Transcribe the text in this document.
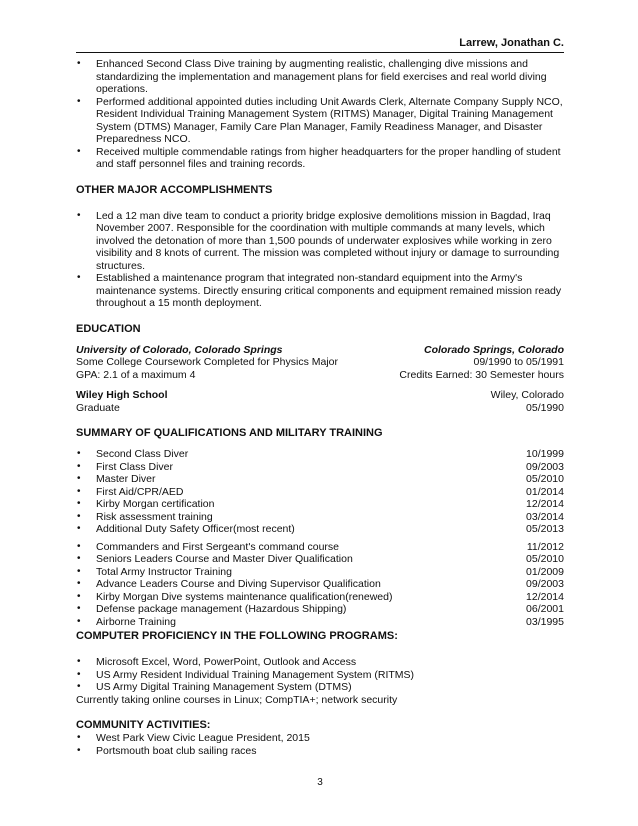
Larrew, Jonathan C.
• Enhanced Second Class Dive training by augmenting realistic, challenging dive missions and standardizing the implementation and management plans for field exercises and real world diving operations.
• Performed additional appointed duties including Unit Awards Clerk, Alternate Company Supply NCO, Resident Individual Training Management System (RITMS) Manager, Digital Training Management System (DTMS) Manager, Family Care Plan Manager, Family Readiness Manager, and Disaster Preparedness NCO.
• Received multiple commendable ratings from higher headquarters for the proper handling of student and staff personnel files and training records.
OTHER MAJOR ACCOMPLISHMENTS
• Led a 12 man dive team to conduct a priority bridge explosive demolitions mission in Bagdad, Iraq November 2007. Responsible for the coordination with multiple commands at many levels, which involved the detonation of more than 1,500 pounds of underwater explosives while working in zero visibility and 8 knots of current. The mission was completed without injury or damage to surrounding structures.
• Established a maintenance program that integrated non-standard equipment into the Army's maintenance systems. Directly ensuring critical components and equipment remained mission ready throughout a 15 month deployment.
EDUCATION
University of Colorado, Colorado Springs	Colorado Springs, Colorado
Some College Coursework Completed for Physics Major	09/1990 to 05/1991
GPA: 2.1 of a maximum 4	Credits Earned: 30 Semester hours
Wiley High School	Wiley, Colorado
Graduate	05/1990
SUMMARY OF QUALIFICATIONS AND MILITARY TRAINING
• Second Class Diver	10/1999
• First Class Diver	09/2003
• Master Diver	05/2010
• First Aid/CPR/AED	01/2014
• Kirby Morgan certification	12/2014
• Risk assessment training	03/2014
• Additional Duty Safety Officer(most recent)	05/2013
• Commanders and First Sergeant's command course	11/2012
• Seniors Leaders Course and Master Diver Qualification	05/2010
• Total Army Instructor Training	01/2009
• Advance Leaders Course and Diving Supervisor Qualification	09/2003
• Kirby Morgan Dive systems maintenance qualification(renewed)	12/2014
• Defense package management (Hazardous Shipping)	06/2001
• Airborne Training	03/1995
COMPUTER PROFICIENCY IN THE FOLLOWING PROGRAMS:
• Microsoft Excel, Word, PowerPoint, Outlook and Access
• US Army Resident Individual Training Management System (RITMS)
• US Army Digital Training Management System (DTMS)
Currently taking online courses in Linux; CompTIA+; network security
COMMUNITY ACTIVITIES:
• West Park View Civic League President, 2015
• Portsmouth boat club sailing races
3
